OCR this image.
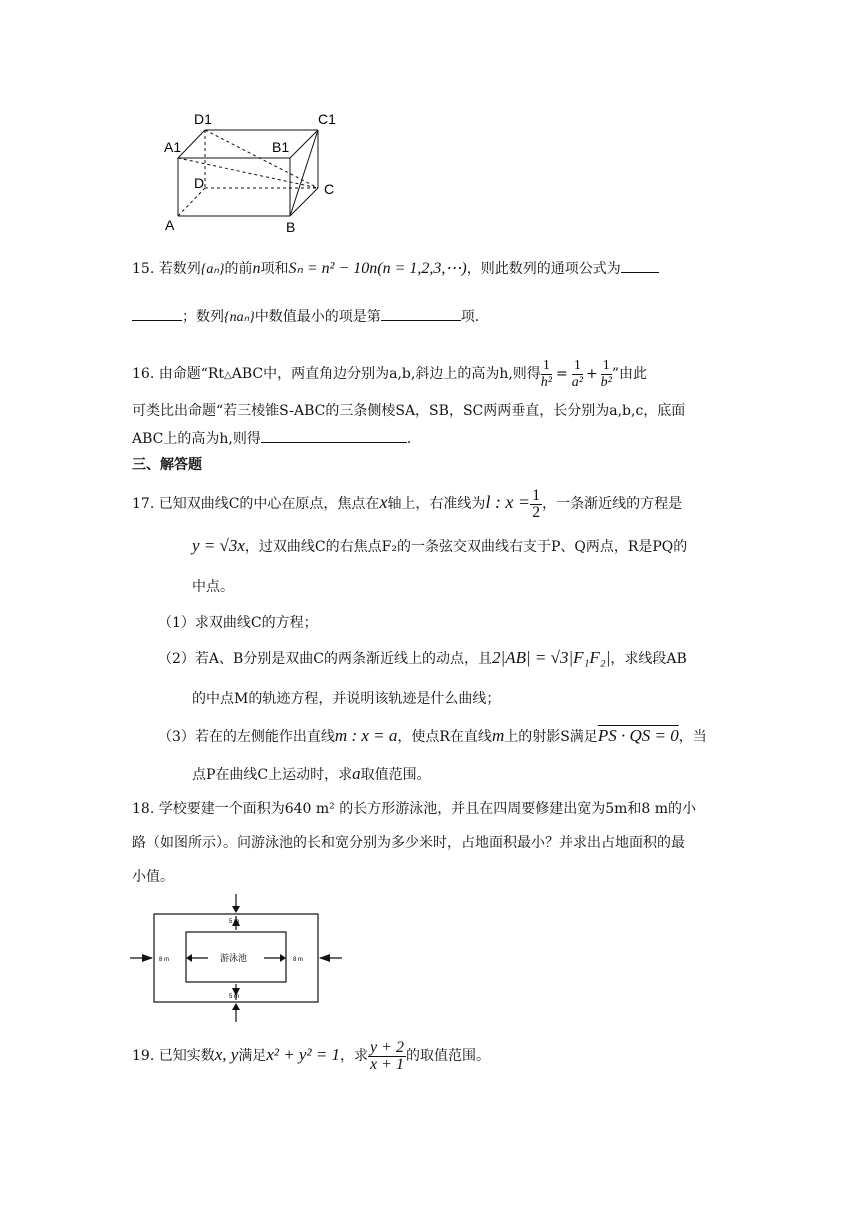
D1	C1
A1	B1
D	C
A	B
15. 若数列{aₙ}的前n项和Sₙ = n² − 10n(n = 1,2,3,⋯)，则此数列的通项公式为
；数列{naₙ}中数值最小的项是第	项.
16. 由命题“Rt△ABC中，两直角边分别为a,b,斜边上的高为h,则得 $\frac{1}{\text{h²}} = \frac{1}{\text{a²}} + \frac{1}{\text{b²}}$ ”由此
可类比出命题“若三棱锥S-ABC的三条侧棱SA，SB，SC两两垂直，长分别为a,b,c，底面
ABC上的高为h,则得	.
三、解答题
17. 已知双曲线C的中心在原点，焦点在x轴上，右准线为l : $x = \frac{1}{2}$ ，一条渐近线的方程是
y = √3x，过双曲线C的右焦点F₂的一条弦交双曲线右支于P、Q两点，R是PQ的
中点。
（1）求双曲线C的方程；
（2）若A、B分别是双曲C的两条渐近线上的动点，且2|AB| = √3|F₁F₂|，求线段AB
的中点M的轨迹方程，并说明该轨迹是什么曲线；
（3）若在的左侧能作出直线m : x = a，使点R在直线m上的射影S满足PS · QS = 0，当
点P在曲线C上运动时，求a取值范围。
18. 学校要建一个面积为640 m² 的长方形游泳池，并且在四周要修建出宽为5m和8 m的小
路（如图所示）。问游泳池的长和宽分别为多少米时，占地面积最小？并求出占地面积的最
小值。
5 m
5 m
8 m	8 m
游泳池
19. 已知实数x, y满足x² + y² = 1，求 $\frac{y + 2}{x + 1}$ 的取值范围。
